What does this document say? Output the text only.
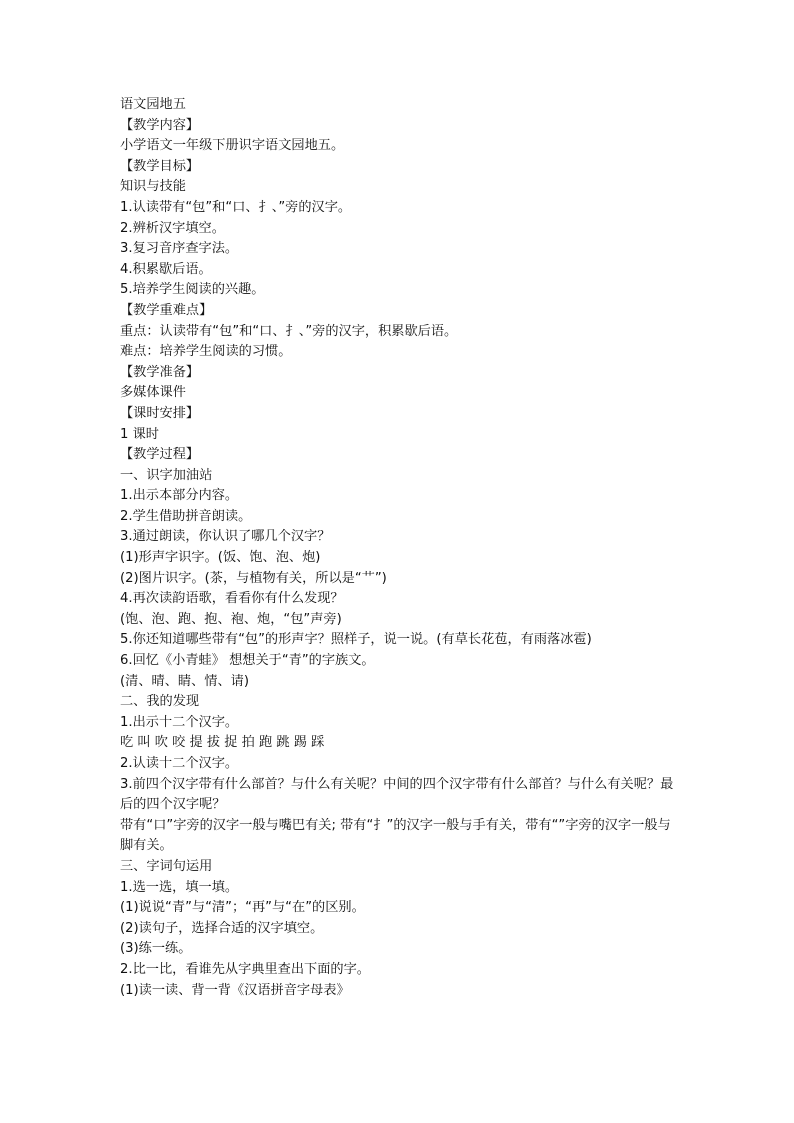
语文园地五
【教学内容】
小学语文一年级下册识字语文园地五。
【教学目标】
知识与技能
1.认读带有“包”和“口、扌、”旁的汉字。
2.辨析汉字填空。
3.复习音序查字法。
4.积累歇后语。
5.培养学生阅读的兴趣。
【教学重难点】
重点：认读带有“包”和“口、扌、”旁的汉字，积累歇后语。
难点：培养学生阅读的习惯。
【教学准备】
多媒体课件
【课时安排】
1 课时
【教学过程】
一、识字加油站
1.出示本部分内容。
2.学生借助拼音朗读。
3.通过朗读，你认识了哪几个汉字？
(1)形声字识字。(饭、饱、泡、炮)
(2)图片识字。(茶，与植物有关，所以是“艹”)
4.再次读韵语歌，看看你有什么发现？
(饱、泡、跑、抱、袍、炮，“包”声旁)
5.你还知道哪些带有“包”的形声字？照样子，说一说。(有草长花苞，有雨落冰雹)
6.回忆《小青蛙》 想想关于“青”的字族文。
(清、晴、睛、情、请)
二、我的发现
1.出示十二个汉字。
吃 叫 吹 咬 提 拔 捉 拍 跑 跳 踢 踩
2.认读十二个汉字。
3.前四个汉字带有什么部首？与什么有关呢？中间的四个汉字带有什么部首？与什么有关呢？最后的四个汉字呢？
带有“口”字旁的汉字一般与嘴巴有关; 带有“扌”的汉字一般与手有关，带有“”字旁的汉字一般与脚有关。
三、字词句运用
1.选一选，填一填。
(1)说说“青”与“清”；“再”与“在”的区别。
(2)读句子，选择合适的汉字填空。
(3)练一练。
2.比一比，看谁先从字典里查出下面的字。
(1)读一读、背一背《汉语拼音字母表》
